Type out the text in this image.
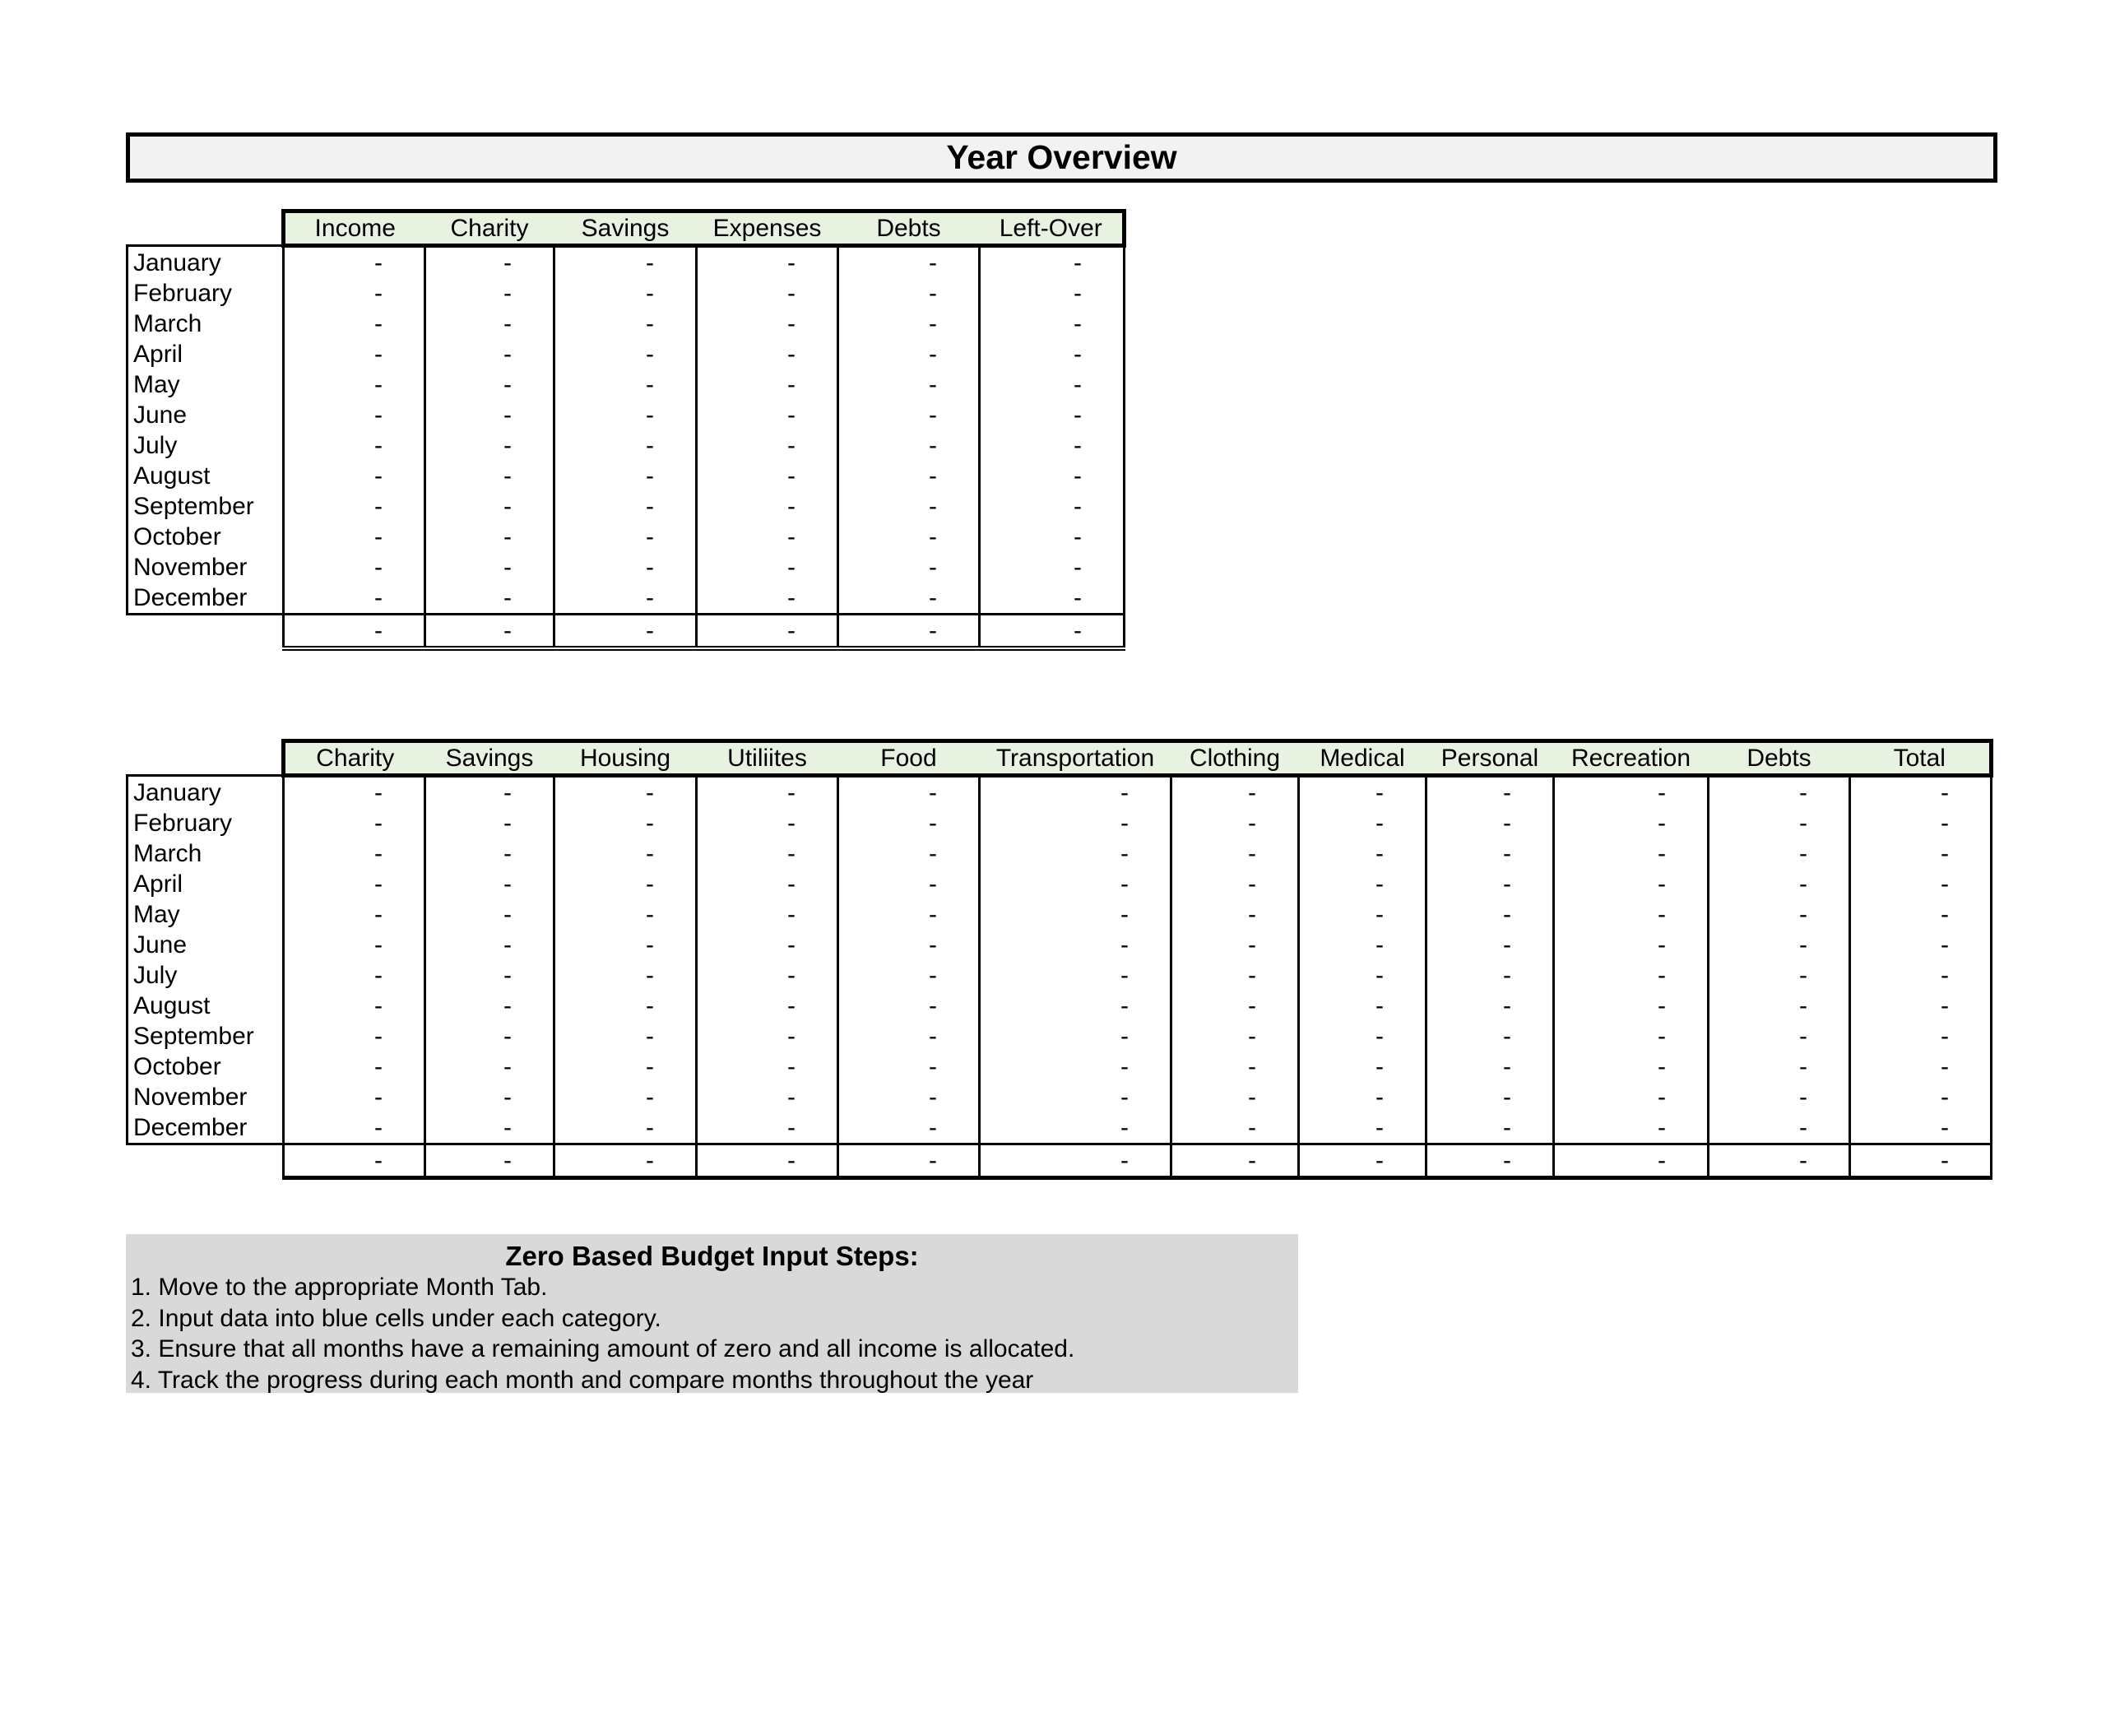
Year Overview
	Income	Charity	Savings	Expenses	Debts	Left-Over
January	-	-	-	-	-	-
February	-	-	-	-	-	-
March	-	-	-	-	-	-
April	-	-	-	-	-	-
May	-	-	-	-	-	-
June	-	-	-	-	-	-
July	-	-	-	-	-	-
August	-	-	-	-	-	-
September	-	-	-	-	-	-
October	-	-	-	-	-	-
November	-	-	-	-	-	-
December	-	-	-	-	-	-
	-	-	-	-	-	-
	Charity	Savings	Housing	Utiliites	Food	Transportation	Clothing	Medical	Personal	Recreation	Debts	Total
January	-	-	-	-	-	-	-	-	-	-	-	-
February	-	-	-	-	-	-	-	-	-	-	-	-
March	-	-	-	-	-	-	-	-	-	-	-	-
April	-	-	-	-	-	-	-	-	-	-	-	-
May	-	-	-	-	-	-	-	-	-	-	-	-
June	-	-	-	-	-	-	-	-	-	-	-	-
July	-	-	-	-	-	-	-	-	-	-	-	-
August	-	-	-	-	-	-	-	-	-	-	-	-
September	-	-	-	-	-	-	-	-	-	-	-	-
October	-	-	-	-	-	-	-	-	-	-	-	-
November	-	-	-	-	-	-	-	-	-	-	-	-
December	-	-	-	-	-	-	-	-	-	-	-	-
	-	-	-	-	-	-	-	-	-	-	-	-
Zero Based Budget Input Steps:
1. Move to the appropriate Month Tab.
2. Input data into blue cells under each category.
3. Ensure that all months have a remaining amount of zero and all income is allocated.
4. Track the progress during each month and compare months throughout the year
